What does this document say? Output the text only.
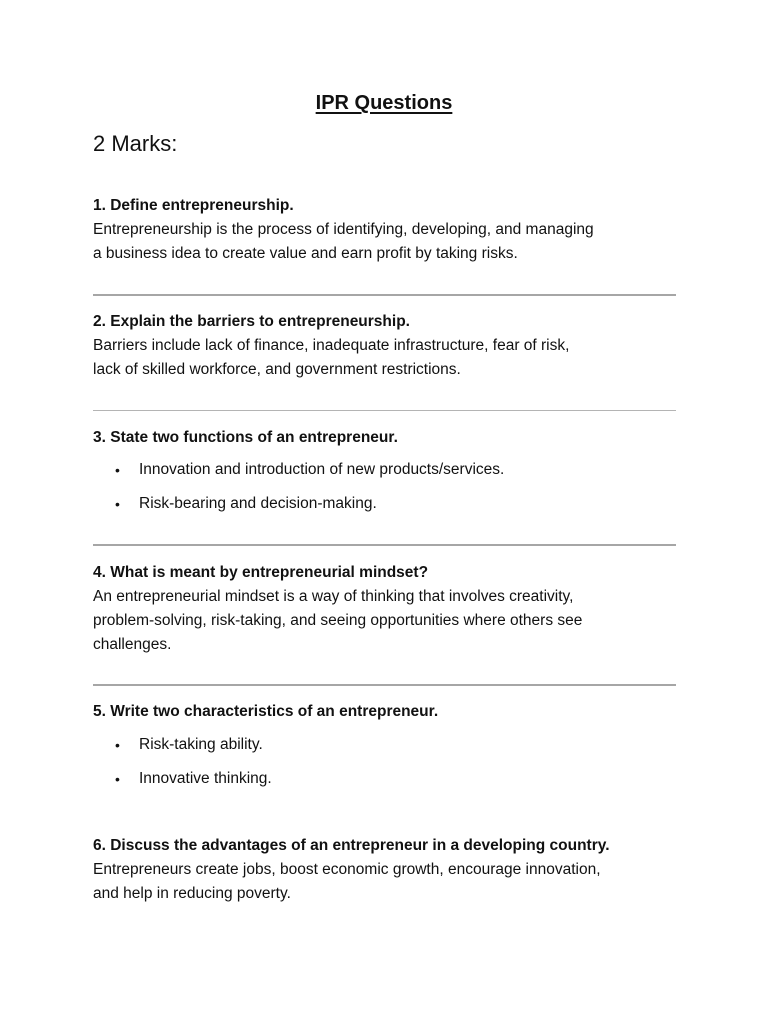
IPR Questions
2 Marks:
1. Define entrepreneurship.
Entrepreneurship is the process of identifying, developing, and managing
a business idea to create value and earn profit by taking risks.
2. Explain the barriers to entrepreneurship.
Barriers include lack of finance, inadequate infrastructure, fear of risk,
lack of skilled workforce, and government restrictions.
3. State two functions of an entrepreneur.
• Innovation and introduction of new products/services.
• Risk-bearing and decision-making.
4. What is meant by entrepreneurial mindset?
An entrepreneurial mindset is a way of thinking that involves creativity,
problem-solving, risk-taking, and seeing opportunities where others see
challenges.
5. Write two characteristics of an entrepreneur.
• Risk-taking ability.
• Innovative thinking.
6. Discuss the advantages of an entrepreneur in a developing country.
Entrepreneurs create jobs, boost economic growth, encourage innovation,
and help in reducing poverty.
